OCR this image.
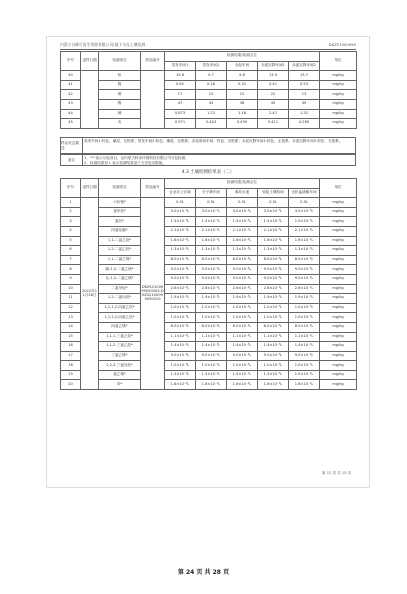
内蒙古日峰可再生资源有限公司(地下水及土壤检测	DKZS1900990
序号	送样日期	检测项目	样品编号	检测结果/检测点位					单位
				蒸发车间1	蒸发车间2	赤泥车间	赤泥沉降车间1	赤泥沉降车间2	
40		铅		15.6	9.7	9.8	13.3	13.7	mg/kg
41		镉		0.82	0.28	0.32	0.41	0.53	mg/kg
42		铜		17	15	15	22	13	mg/kg
43		镍		47	43	38	45	39	mg/kg
44		砷		0.873	1.22	1.18	2.47	1.32	mg/kg
45		汞		0.971	0.443	0.439	0.411	0.265	mg/kg
样品状态描述
蒸发车间1:棕色、潮湿、无根系；蒸发车间2:棕色、潮湿、无根系；赤泥堆场车间：棕色、无根系；赤泥沉降车间1:棕色、无根系；赤泥沉降车间2:棕色、无根系。
备注	1、“*”表示分包项目，由内蒙古科奇环境科技有限公司分包检测。
2、检测结果加 L 表示检测结果低于方法检出限值。
4.3 土壤检测结果表（二）
序号	送样日期	检测项目	样品编号	检测结果/检测点位					单位
				企业办公区域	分子筛车间	事故水池	铝锭土壤料场	无机盐硫酸车间	
1	2022年11月28日	六价铬*	DKZS2100099050004-DKZS2100099050010	0.5L	0.5L	0.5L	0.5L	0.5L	mg/kg
2		氯甲烷*		3.0×10⁻³L	3.0×10⁻³L	3.0×10⁻³L	3.0×10⁻³L	3.0×10⁻³L	mg/kg
3		氯仿*		1.5×10⁻³L	1.5×10⁻³L	1.5×10⁻³L	1.5×10⁻³L	1.5×10⁻³L	mg/kg
4		四氯化碳*		2.1×10⁻³L	2.1×10⁻³L	2.1×10⁻³L	2.1×10⁻³L	2.1×10⁻³L	mg/kg
5		1,1-二氯乙烷*		1.6×10⁻³L	1.6×10⁻³L	1.6×10⁻³L	1.6×10⁻³L	1.6×10⁻³L	mg/kg
6		1,2-二氯乙烷*		1.3×10⁻³L	1.3×10⁻³L	1.3×10⁻³L	1.3×10⁻³L	1.3×10⁻³L	mg/kg
7		1,1-二氯乙烯*		8.0×10⁻⁴L	8.0×10⁻⁴L	8.0×10⁻⁴L	8.0×10⁻⁴L	8.0×10⁻⁴L	mg/kg
8		顺-1,2-二氯乙烯*		9.0×10⁻⁴L	9.0×10⁻⁴L	9.0×10⁻⁴L	9.0×10⁻⁴L	9.0×10⁻⁴L	mg/kg
9		反-1,2-二氯乙烯*		9.0×10⁻⁴L	9.0×10⁻⁴L	9.0×10⁻⁴L	9.0×10⁻⁴L	9.0×10⁻⁴L	mg/kg
10		二氯甲烷*		2.6×10⁻³L	2.6×10⁻³L	2.6×10⁻³L	2.6×10⁻³L	2.6×10⁻³L	mg/kg
11		1,2-二氯丙烷*		1.9×10⁻³L	1.9×10⁻³L	1.9×10⁻³L	1.9×10⁻³L	1.9×10⁻³L	mg/kg
12		1,1,1,2-四氯乙烷*		1.0×10⁻³L	1.0×10⁻³L	1.0×10⁻³L	1.0×10⁻³L	1.0×10⁻³L	mg/kg
13		1,1,2,2-四氯乙烷*		1.0×10⁻³L	1.0×10⁻³L	1.0×10⁻³L	1.0×10⁻³L	1.0×10⁻³L	mg/kg
14		四氯乙烯*		8.0×10⁻⁴L	8.0×10⁻⁴L	8.0×10⁻⁴L	8.0×10⁻⁴L	8.0×10⁻⁴L	mg/kg
15		1,1,1-三氯乙烷*		1.1×10⁻³L	1.1×10⁻³L	1.1×10⁻³L	1.1×10⁻³L	1.1×10⁻³L	mg/kg
16		1,1,2-三氯乙烷*		1.4×10⁻³L	1.4×10⁻³L	1.4×10⁻³L	1.4×10⁻³L	1.4×10⁻³L	mg/kg
17		三氯乙烯*		9.0×10⁻⁴L	9.0×10⁻⁴L	9.0×10⁻⁴L	9.0×10⁻⁴L	9.0×10⁻⁴L	mg/kg
18		1,2,3-三氯丙烷*		1.0×10⁻³L	1.0×10⁻³L	1.0×10⁻³L	1.0×10⁻³L	1.0×10⁻³L	mg/kg
19		氯乙烯*		1.5×10⁻³L	1.5×10⁻³L	1.5×10⁻³L	1.5×10⁻³L	1.5×10⁻³L	mg/kg
20		苯*		1.6×10⁻³L	1.6×10⁻³L	1.6×10⁻³L	1.6×10⁻³L	1.6×10⁻³L	mg/kg
第 12 页 共 15 页
第 24 页 共 28 页
